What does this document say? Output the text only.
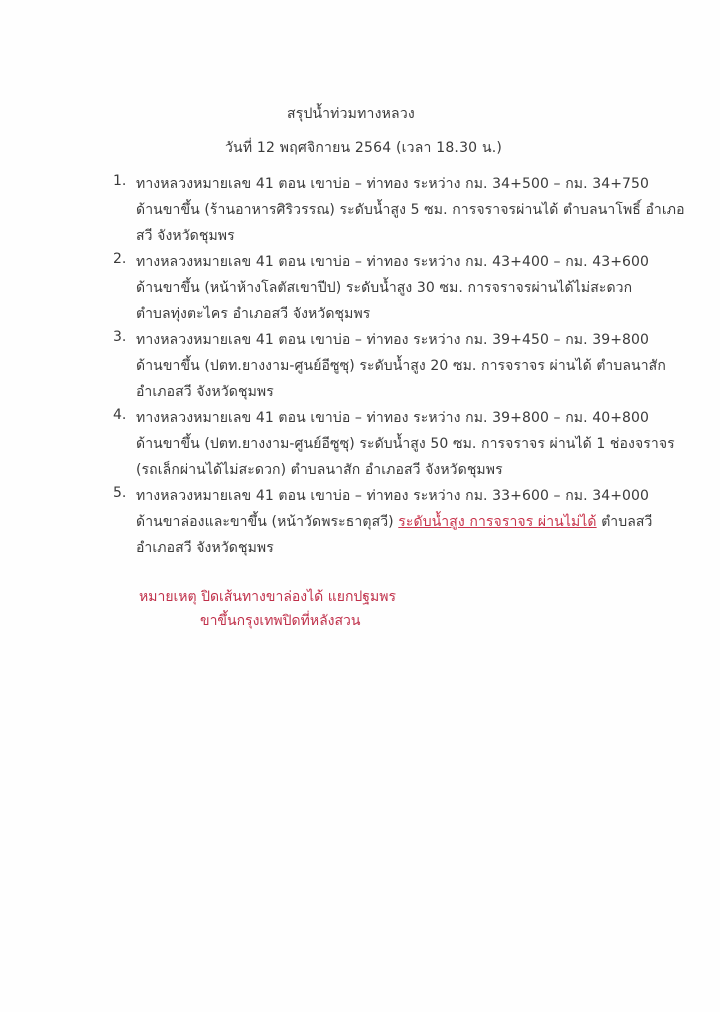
สรุปน้ำท่วมทางหลวง
วันที่ 12 พฤศจิกายน 2564 (เวลา 18.30 น.)
1. ทางหลวงหมายเลข 41 ตอน เขาบ่อ – ท่าทอง ระหว่าง กม. 34+500 – กม. 34+750
ด้านขาขึ้น (ร้านอาหารศิริวรรณ) ระดับน้ำสูง 5 ซม. การจราจรผ่านได้ ตำบลนาโพธิ์ อำเภอ
สวี จังหวัดชุมพร
2. ทางหลวงหมายเลข 41 ตอน เขาบ่อ – ท่าทอง ระหว่าง กม. 43+400 – กม. 43+600
ด้านขาขึ้น (หน้าห้างโลตัสเขาปีป) ระดับน้ำสูง 30 ซม. การจราจรผ่านได้ไม่สะดวก
ตำบลทุ่งตะไคร อำเภอสวี จังหวัดชุมพร
3. ทางหลวงหมายเลข 41 ตอน เขาบ่อ – ท่าทอง ระหว่าง กม. 39+450 – กม. 39+800
ด้านขาขึ้น (ปตท.ยางงาม-ศูนย์อีซูซุ) ระดับน้ำสูง 20 ซม. การจราจร ผ่านได้ ตำบลนาสัก
อำเภอสวี จังหวัดชุมพร
4. ทางหลวงหมายเลข 41 ตอน เขาบ่อ – ท่าทอง ระหว่าง กม. 39+800 – กม. 40+800
ด้านขาขึ้น (ปตท.ยางงาม-ศูนย์อีซูซุ) ระดับน้ำสูง 50 ซม. การจราจร ผ่านได้ 1 ช่องจราจร
(รถเล็กผ่านได้ไม่สะดวก) ตำบลนาสัก อำเภอสวี จังหวัดชุมพร
5. ทางหลวงหมายเลข 41 ตอน เขาบ่อ – ท่าทอง ระหว่าง กม. 33+600 – กม. 34+000
ด้านขาล่องและขาขึ้น (หน้าวัดพระธาตุสวี) ระดับน้ำสูง การจราจร ผ่านไม่ได้ ตำบลสวี
อำเภอสวี จังหวัดชุมพร
หมายเหตุ ปิดเส้นทางขาล่องได้ แยกปฐมพร
ขาขึ้นกรุงเทพปิดที่หลังสวน
